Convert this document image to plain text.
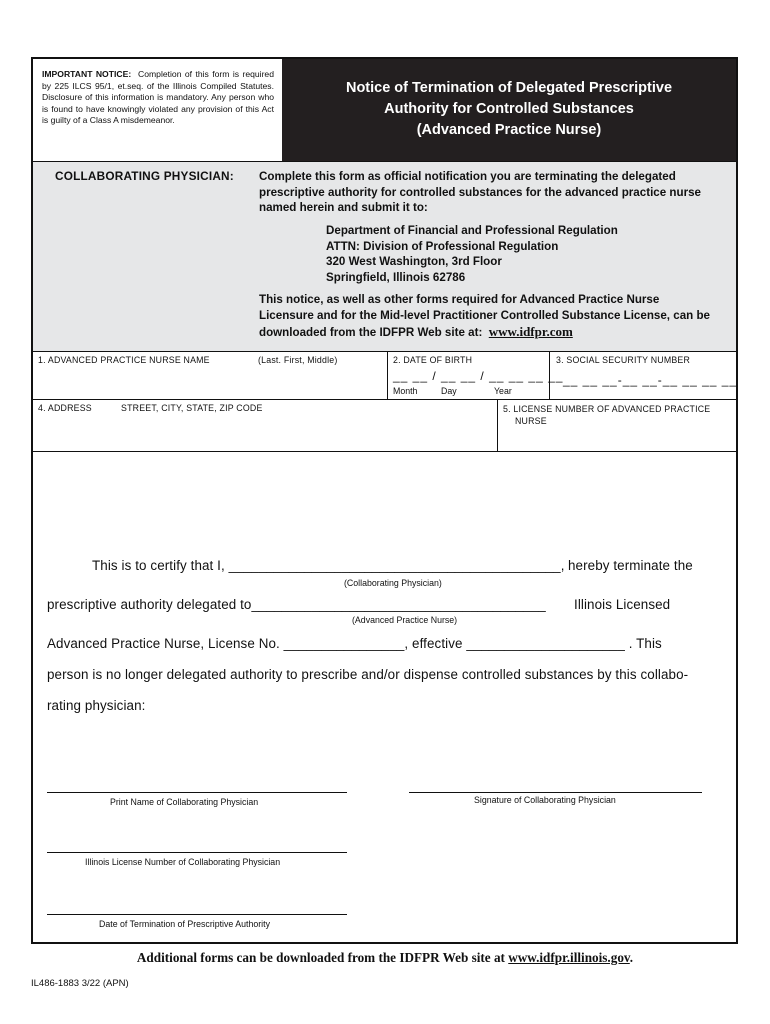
IMPORTANT NOTICE: Completion of this form is required by 225 ILCS 95/1, et.seq. of the Illinois Compiled Statutes. Disclosure of this information is mandatory. Any person who is found to have knowingly violated any provision of this Act is guilty of a Class A misdemeanor.
Notice of Termination of Delegated Prescriptive
Authority for Controlled Substances
(Advanced Practice Nurse)
COLLABORATING PHYSICIAN: Complete this form as official notification you are terminating the delegated prescriptive authority for controlled substances for the advanced practice nurse named herein and submit it to:
Department of Financial and Professional Regulation
ATTN: Division of Professional Regulation
320 West Washington, 3rd Floor
Springfield, Illinois 62786
This notice, as well as other forms required for Advanced Practice Nurse Licensure and for the Mid-level Practitioner Controlled Substance License, can be downloaded from the IDFPR Web site at: www.idfpr.com
1. ADVANCED PRACTICE NURSE NAME	(Last. First, Middle)	2. DATE OF BIRTH
__ __ / __ __ / __ __ __ __
Month	Day	Year
3. SOCIAL SECURITY NUMBER
__ __ __-__ __-__ __ __ __
4. ADDRESS	STREET, CITY, STATE, ZIP CODE	5. LICENSE NUMBER OF ADVANCED PRACTICE
NURSE
This is to certify that I, ____________________________________________, hereby terminate the
(Collaborating Physician)
prescriptive authority delegated to_______________________________________ Illinois Licensed
(Advanced Practice Nurse)
Advanced Practice Nurse, License No. ________________, effective _____________________ . This
person is no longer delegated authority to prescribe and/or dispense controlled substances by this collabo-
rating physician:
Print Name of Collaborating Physician	Signature of Collaborating Physician
Illinois License Number of Collaborating Physician
Date of Termination of Prescriptive Authority
Additional forms can be downloaded from the IDFPR Web site at www.idfpr.illinois.gov.
IL486-1883 3/22 (APN)
